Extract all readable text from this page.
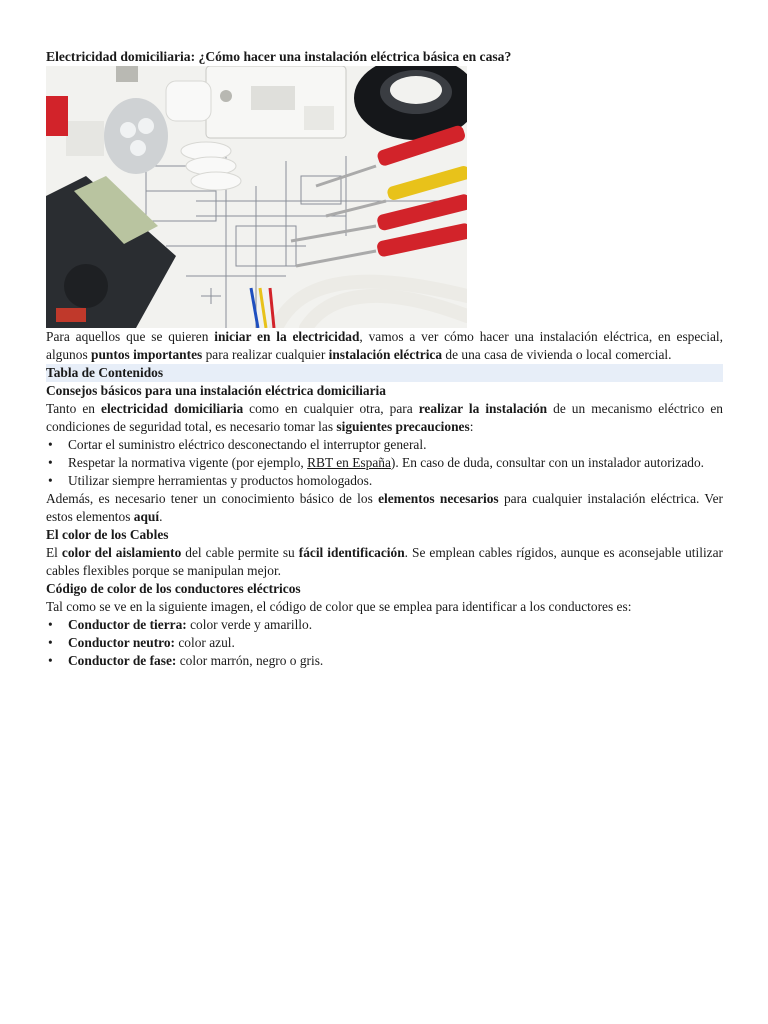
Electricidad domiciliaria: ¿Cómo hacer una instalación eléctrica básica en casa?

Para aquellos que se quieren iniciar en la electricidad, vamos a ver cómo hacer una instalación eléctrica, en especial, algunos puntos importantes para realizar cualquier instalación eléctrica de una casa de vivienda o local comercial.

Tabla de Contenidos

Consejos básicos para una instalación eléctrica domiciliaria

Tanto en electricidad domiciliaria como en cualquier otra, para realizar la instalación de un mecanismo eléctrico en condiciones de seguridad total, es necesario tomar las siguientes precauciones:

• Cortar el suministro eléctrico desconectando el interruptor general.
• Respetar la normativa vigente (por ejemplo, RBT en España). En caso de duda, consultar con un instalador autorizado.
• Utilizar siempre herramientas y productos homologados.

Además, es necesario tener un conocimiento básico de los elementos necesarios para cualquier instalación eléctrica. Ver estos elementos aquí.

El color de los Cables

El color del aislamiento del cable permite su fácil identificación. Se emplean cables rígidos, aunque es aconsejable utilizar cables flexibles porque se manipulan mejor.

Código de color de los conductores eléctricos

Tal como se ve en la siguiente imagen, el código de color que se emplea para identificar a los conductores es:

• Conductor de tierra: color verde y amarillo.
• Conductor neutro: color azul.
• Conductor de fase: color marrón, negro o gris.
